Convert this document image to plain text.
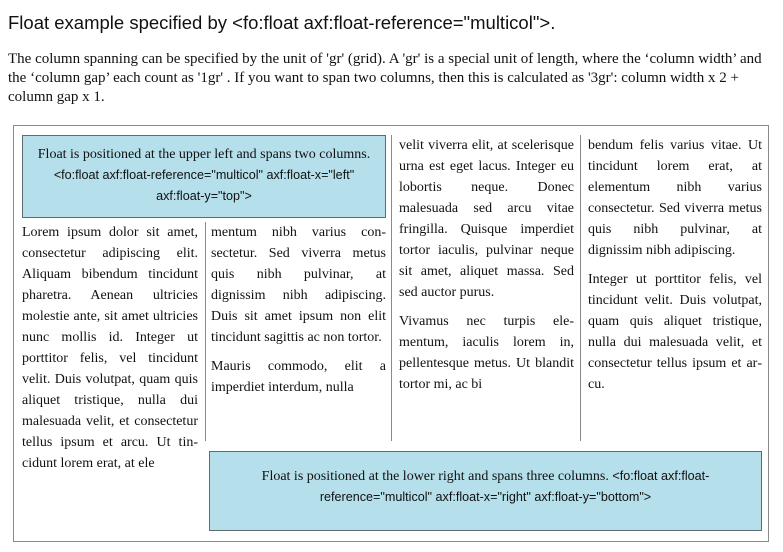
Float example specified by <fo:float axf:float-reference="multicol">.

The column spanning can be specified by the unit of 'gr' (grid). A 'gr' is a special unit of length, where the ‘column width’ and the ‘column gap’ each count as '1gr' . If you want to span two columns, then this is calculated as '3gr': column width x 2 + column gap x 1.

Float is positioned at the upper left and spans two columns. <fo:float axf:float-reference="multicol" axf:float-x="left" axf:float-y="top">

Lorem ipsum dolor sit amet, consectetur adipiscing elit. Aliquam bibendum tincidunt pharetra. Aenean ultricies molestie ante, sit amet ultricies nunc mollis id. Integer ut porttitor felis, vel tincidunt velit. Duis volutpat, quam quis aliquet tristique, nulla dui malesuada velit, et consectetur tellus ipsum et arcu. Ut tincidunt lorem erat, at ele

mentum nibh varius consectetur. Sed viverra metus quis nibh pulvinar, at dignissim nibh adipiscing. Duis sit amet ipsum non elit tincidunt sagittis ac non tortor.

Mauris commodo, elit a imperdiet interdum, nulla

velit viverra elit, at scelerisque urna est eget lacus. Integer eu lobortis neque. Donec malesuada sed arcu vitae fringilla. Quisque imperdiet tortor iaculis, pulvinar neque sit amet, aliquet massa. Sed sed auctor purus.

Vivamus nec turpis elementum, iaculis lorem in, pellentesque metus. Ut blandit tortor mi, ac bi

bendum felis varius vitae. Ut tincidunt lorem erat, at elementum nibh varius consectetur. Sed viverra metus quis nibh pulvinar, at dignissim nibh adipiscing.

Integer ut porttitor felis, vel tincidunt velit. Duis volutpat, quam quis aliquet tristique, nulla dui malesuada velit, et consectetur tellus ipsum et arcu.

Float is positioned at the lower right and spans three columns. <fo:float axf:float-reference="multicol" axf:float-x="right" axf:float-y="bottom">
